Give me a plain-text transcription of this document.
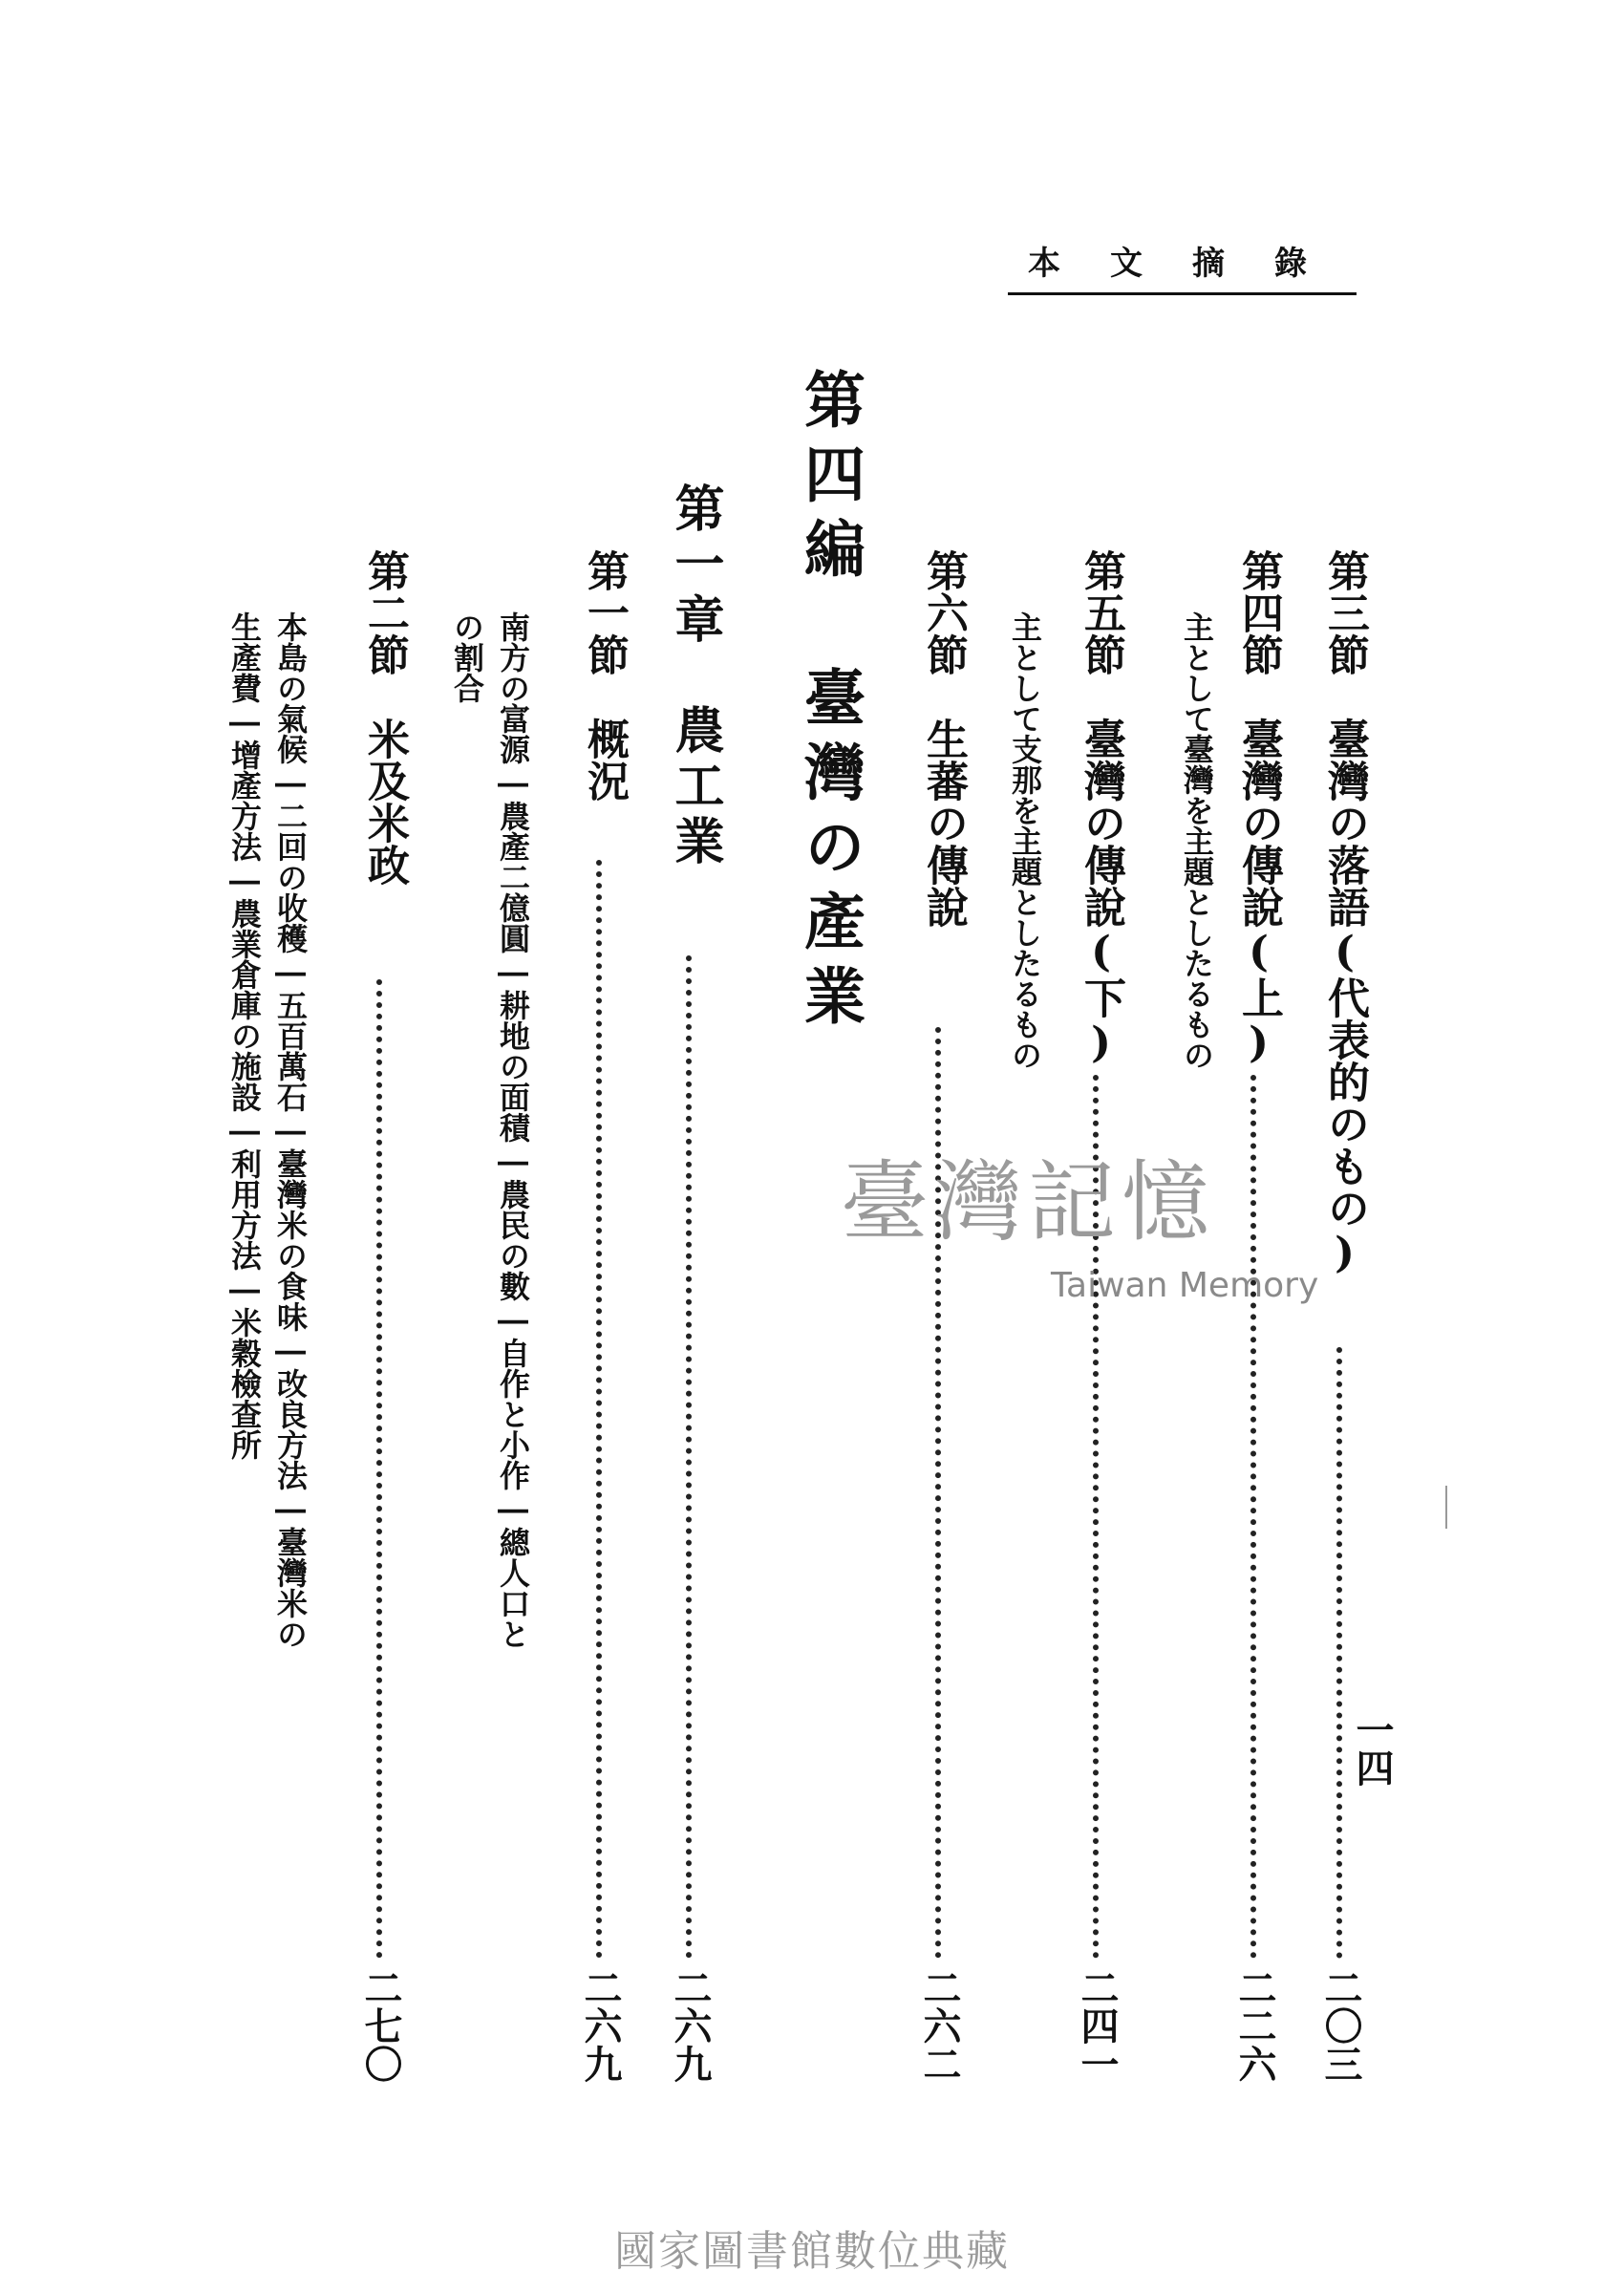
本文摘錄
第三節　臺灣の落語(代表的のもの)
二〇三
第四節　臺灣の傳說(上)
二二六
主として臺灣を主題としたるもの
第五節　臺灣の傳說(下)
二四一
主として支那を主題としたるもの
第六節　生蕃の傳說
二六二
第四編　臺灣の產業
第一章　農工業
二六九
第一節　概況
二六九
南方の富源―農產二億圓―耕地の面積―農民の數―自作と小作―總人口と
の割合
第二節　米及米政
二七〇
本島の氣候―二回の收穫―五百萬石―臺灣米の食味―改良方法―臺灣米の
生產費―增產方法―農業倉庫の施設―利用方法―米穀檢查所
一四
臺灣記憶
Taiwan Memory
國家圖書館數位典藏
